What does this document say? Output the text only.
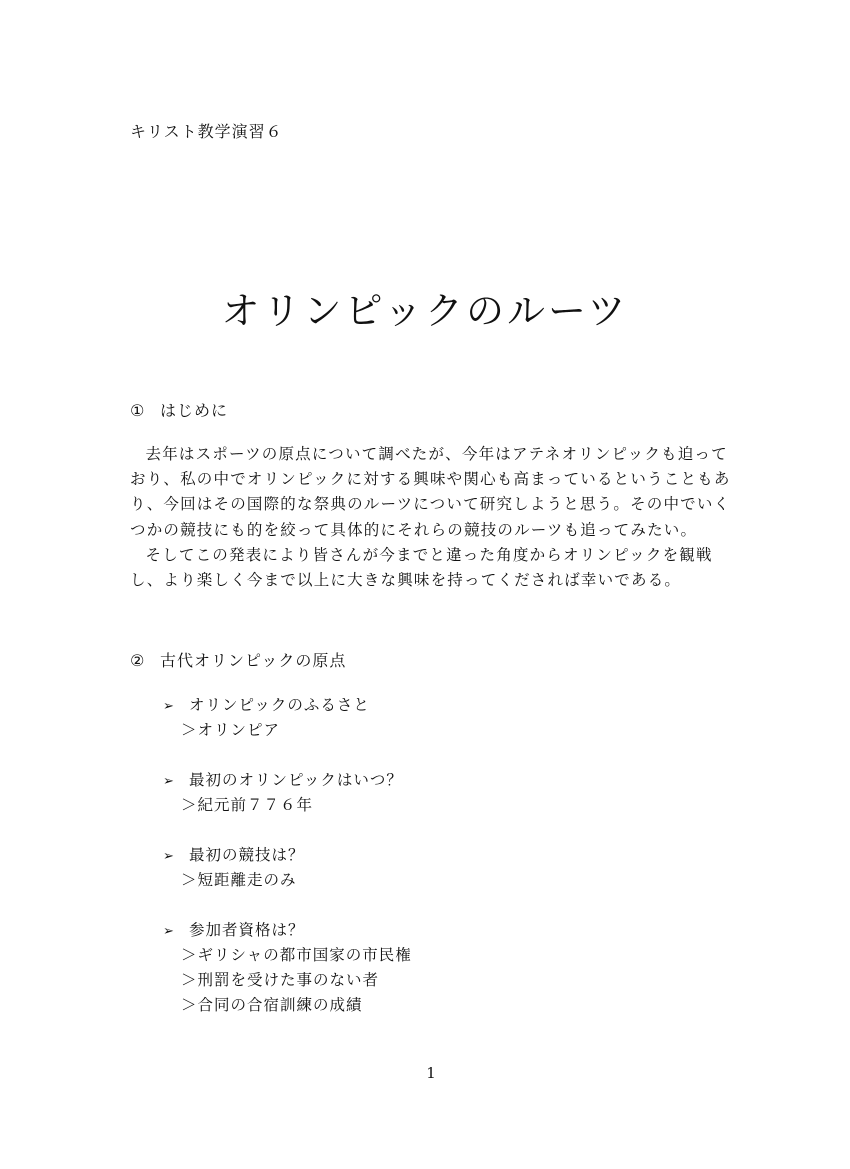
キリスト教学演習６
オリンピックのルーツ
① はじめに

去年はスポーツの原点について調べたが、今年はアテネオリンピックも迫っており、私の中でオリンピックに対する興味や関心も高まっているということもあり、今回はその国際的な祭典のルーツについて研究しようと思う。その中でいくつかの競技にも的を絞って具体的にそれらの競技のルーツも追ってみたい。

そしてこの発表により皆さんが今までと違った角度からオリンピックを観戦し、より楽しく今まで以上に大きな興味を持ってくだされば幸いである。

② 古代オリンピックの原点
➢ オリンピックのふるさと
＞オリンピア
➢ 最初のオリンピックはいつ？
＞紀元前７７６年
➢ 最初の競技は？
＞短距離走のみ
➢ 参加者資格は？
＞ギリシャの都市国家の市民権
＞刑罰を受けた事のない者
＞合同の合宿訓練の成績
1
